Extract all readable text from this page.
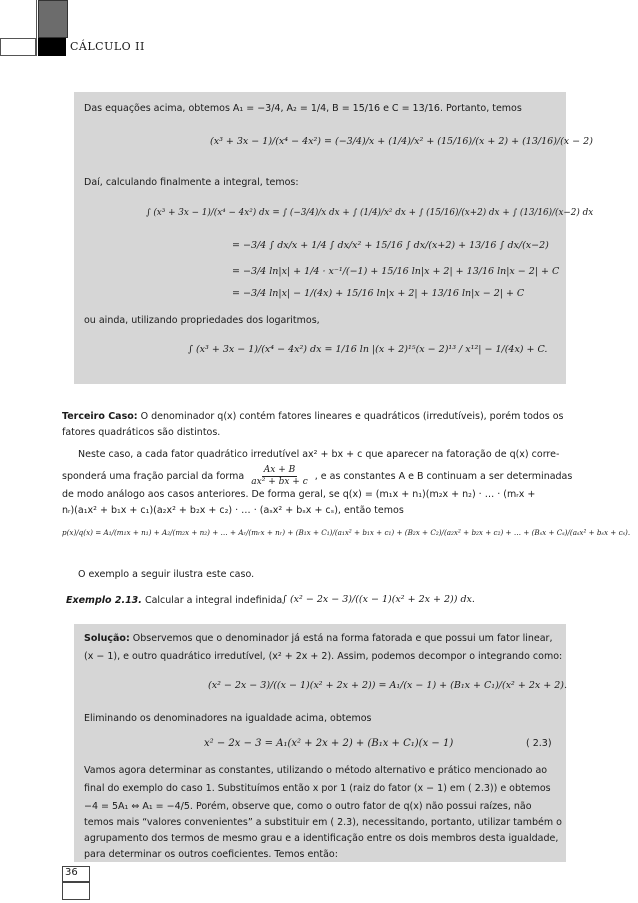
CÁLCULO II
Das equações acima, obtemos A₁ = −3/4, A₂ = 1/4, B = 15/16 e C = 13/16. Portanto, temos
(x³ + 3x − 1)/(x⁴ − 4x²) = (−3/4)/x + (1/4)/x² + (15/16)/(x + 2) + (13/16)/(x − 2)
Daí, calculando finalmente a integral, temos:
∫ (x³ + 3x − 1)/(x⁴ − 4x²) dx = ∫ (−3/4)/x dx + ∫ (1/4)/x² dx + ∫ (15/16)/(x+2) dx + ∫ (13/16)/(x−2) dx
= −3/4 ∫ dx/x + 1/4 ∫ dx/x² + 15/16 ∫ dx/(x+2) + 13/16 ∫ dx/(x−2)
= −3/4 ln|x| + 1/4 · x⁻¹/(−1) + 15/16 ln|x + 2| + 13/16 ln|x − 2| + C
= −3/4 ln|x| − 1/(4x) + 15/16 ln|x + 2| + 13/16 ln|x − 2| + C
ou ainda, utilizando propriedades dos logaritmos,
∫ (x³ + 3x − 1)/(x⁴ − 4x²) dx = 1/16 ln |(x + 2)¹⁵(x − 2)¹³ / x¹²| − 1/(4x) + C.
Terceiro Caso: O denominador q(x) contém fatores lineares e quadráticos (irredutíveis), porém todos os
fatores quadráticos são distintos.
Neste caso, a cada fator quadrático irredutível ax² + bx + c que aparecer na fatoração de q(x) corre-
sponderá uma fração parcial da forma $\frac{Ax + B}{\text{ax² + bx + c}}$ , e as constantes A e B continuam a ser determinadas
de modo análogo aos casos anteriores. De forma geral, se q(x) = (m₁x + n₁)(m₂x + n₂) · … · (mᵣx +
nᵣ)(a₁x² + b₁x + c₁)(a₂x² + b₂x + c₂) · … · (aₛx² + bₛx + cₛ), então temos
p(x)/q(x) = A₁/(m₁x + n₁) + A₂/(m₂x + n₂) + … + Aᵣ/(mᵣx + nᵣ) + (B₁x + C₁)/(a₁x² + b₁x + c₁) + (B₂x + C₂)/(a₂x² + b₂x + c₂) + … + (Bₛx + Cₛ)/(aₛx² + bₛx + cₛ).
O exemplo a seguir ilustra este caso.
Exemplo 2.13. Calcular a integral indefinida ∫ (x² − 2x − 3)/((x − 1)(x² + 2x + 2)) dx.
Solução: Observemos que o denominador já está na forma fatorada e que possui um fator linear,
(x − 1), e outro quadrático irredutível, (x² + 2x + 2). Assim, podemos decompor o integrando como:
(x² − 2x − 3)/((x − 1)(x² + 2x + 2)) = A₁/(x − 1) + (B₁x + C₁)/(x² + 2x + 2).
Eliminando os denominadores na igualdade acima, obtemos
x² − 2x − 3 = A₁(x² + 2x + 2) + (B₁x + C₁)(x − 1)	( 2.3)
Vamos agora determinar as constantes, utilizando o método alternativo e prático mencionado ao
final do exemplo do caso 1. Substituímos então x por 1 (raiz do fator (x − 1) em ( 2.3)) e obtemos
−4 = 5A₁ ⇔ A₁ = −4/5. Porém, observe que, como o outro fator de q(x) não possui raízes, não
temos mais “valores convenientes” a substituir em ( 2.3), necessitando, portanto, utilizar também o
agrupamento dos termos de mesmo grau e a identificação entre os dois membros desta igualdade,
para determinar os outros coeficientes. Temos então:
36
